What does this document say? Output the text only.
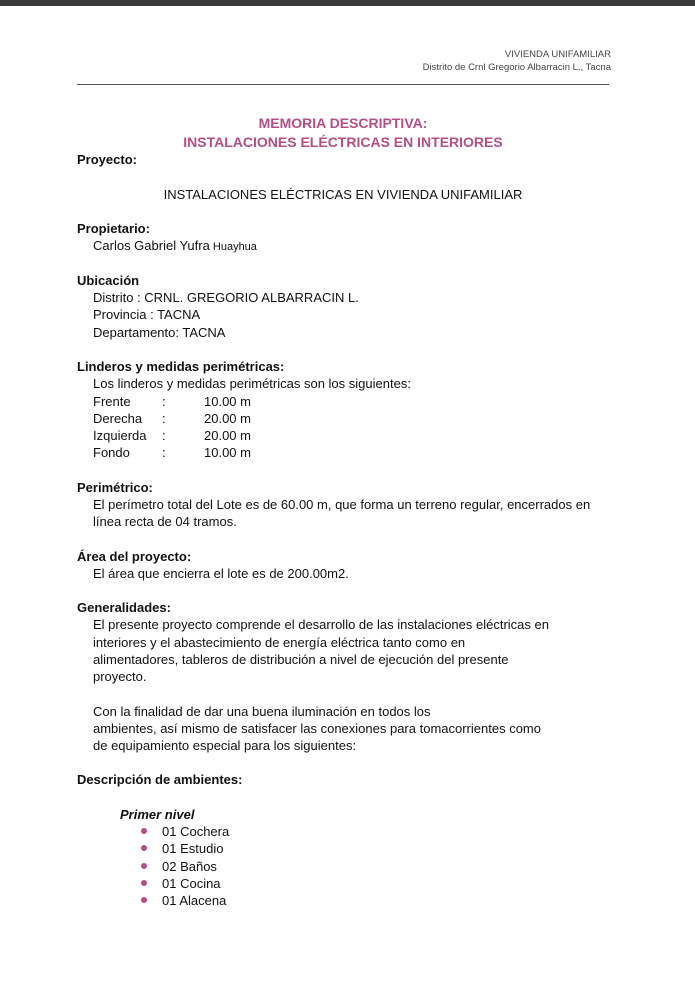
VIVIENDA UNIFAMILIAR
Distrito de Crnl Gregorio Albarracin L., Tacna
MEMORIA DESCRIPTIVA:
INSTALACIONES ELÉCTRICAS EN INTERIORES
Proyecto:
INSTALACIONES ELÉCTRICAS EN VIVIENDA UNIFAMILIAR
Propietario:
Carlos Gabriel Yufra Huayhua
Ubicación
Distrito : CRNL. GREGORIO ALBARRACIN L.
Provincia : TACNA
Departamento: TACNA
Linderos y medidas perimétricas:
Los linderos y medidas perimétricas son los siguientes:
Frente :	10.00 m
Derecha :	20.00 m
Izquierda :	20.00 m
Fondo :	10.00 m
Perimétrico:
El perímetro total del Lote es de 60.00 m, que forma un terreno regular, encerrados en
línea recta de 04 tramos.
Área del proyecto:
El área que encierra el lote es de 200.00m2.
Generalidades:
El presente proyecto comprende el desarrollo de las instalaciones eléctricas en
interiores y el abastecimiento de energía eléctrica tanto como en
alimentadores, tableros de distribución a nivel de ejecución del presente
proyecto.
Con la finalidad de dar una buena iluminación en todos los
ambientes, así mismo de satisfacer las conexiones para tomacorrientes como
de equipamiento especial para los siguientes:
Descripción de ambientes:
Primer nivel
01 Cochera
01 Estudio
02 Baños
01 Cocina
01 Alacena
